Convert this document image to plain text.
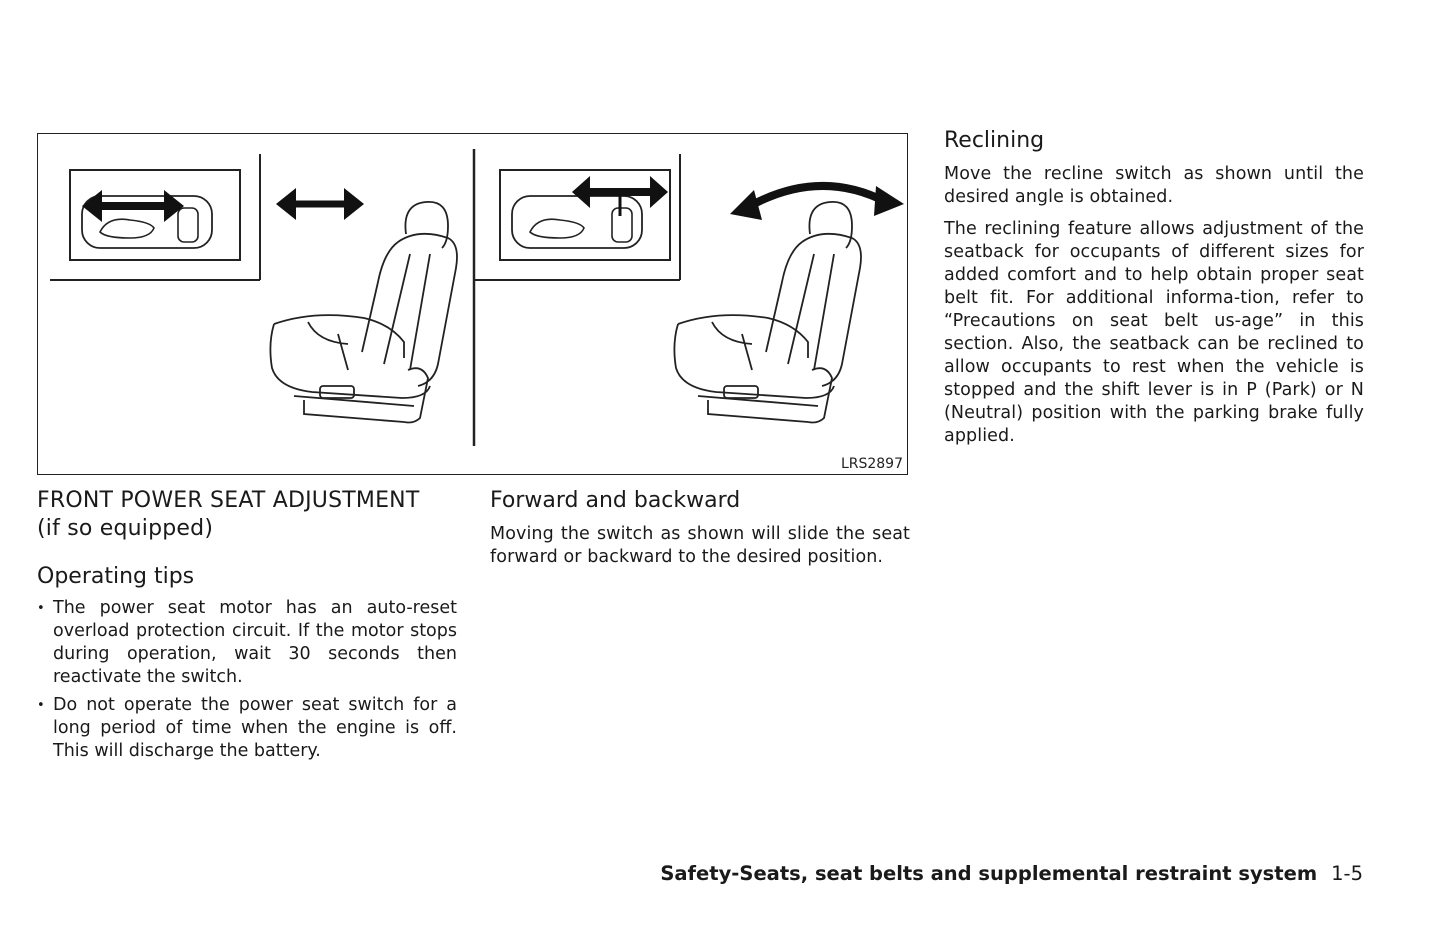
LRS2897
FRONT POWER SEAT ADJUSTMENT
(if so equipped)
Operating tips
• The power seat motor has an auto-reset overload protection circuit. If the motor stops during operation, wait 30 seconds then reactivate the switch.
• Do not operate the power seat switch for a long period of time when the engine is off. This will discharge the battery.
Forward and backward

Moving the switch as shown will slide the seat forward or backward to the desired position.

Reclining

Move the recline switch as shown until the desired angle is obtained.

The reclining feature allows adjustment of the seatback for occupants of different sizes for added comfort and to help obtain proper seat belt fit. For additional informa-tion, refer to “Precautions on seat belt us-age” in this section. Also, the seatback can be reclined to allow occupants to rest when the vehicle is stopped and the shift lever is in P (Park) or N (Neutral) position with the parking brake fully applied.

Safety-Seats, seat belts and supplemental restraint system 1-5
